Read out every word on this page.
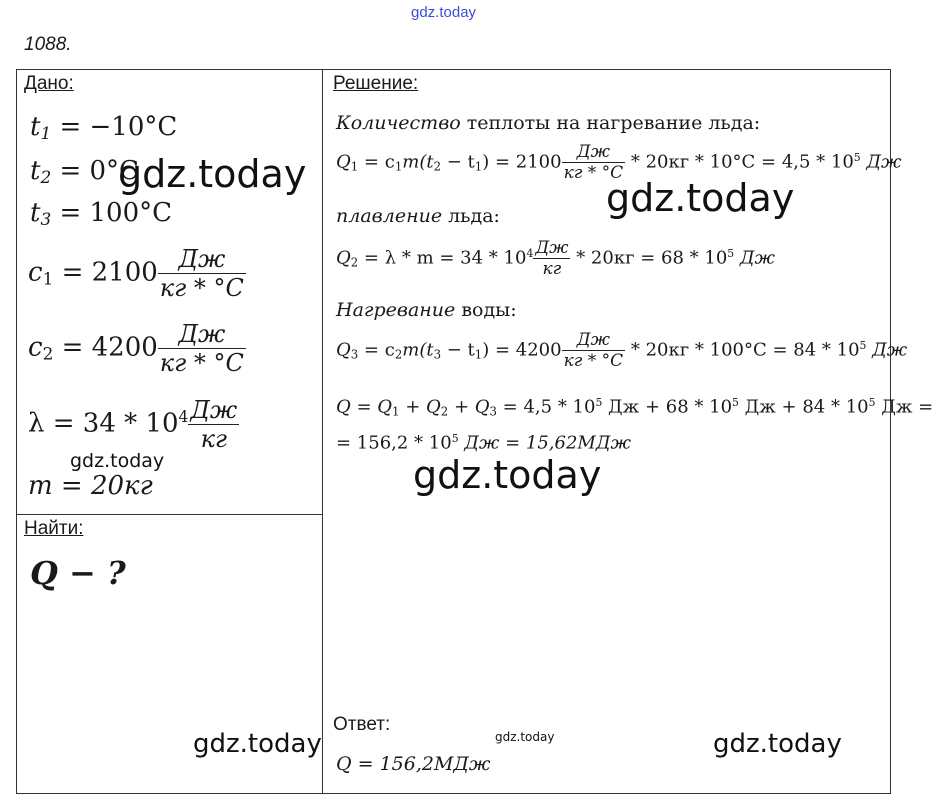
gdz.today
1088.
Дано:
$t_1 = -10^\circ C$
$t_2 = 0^\circ C$
$t_3 = 100^\circ C$
$c_1 = 2100 \frac{Дж}{кг * ^\circ C}$
$c_2 = 4200 \frac{Дж}{кг * ^\circ C}$
$\lambda = 34 * 10^4 \frac{Дж}{кг}$
m = 20кг
Найти:
Q − ?
Решение:
Количество теплоты на нагревание льда:
$Q_1 = c_1m(t_2 - t_1) = 2100 \frac{Дж}{кг * ^\circ C} * 20кг * 10^\circ C = 4,5 * 10^5$ Дж
плавление льда:
$Q_2 = \lambda * m = 34 * 10^4 \frac{Дж}{кг} * 20кг = 68 * 10^5$ Дж
Нагревание воды:
$Q_3 = c_2m(t_3 - t_1) = 4200 \frac{Дж}{кг * ^\circ C} * 20кг * 100^\circ C = 84 * 10^5$ Дж
$Q = Q_1 + Q_2 + Q_3 = 4,5 * 10^5$ Дж + $68 * 10^5$ Дж + $84 * 10^5$ Дж =
= $156,2 * 10^5$ Дж = 15,62МДж
Ответ:
Q = 156,2МДж
gdz.today
gdz.today
gdz.today	gdz.today
gdz.today	gdz.today	gdz.today
